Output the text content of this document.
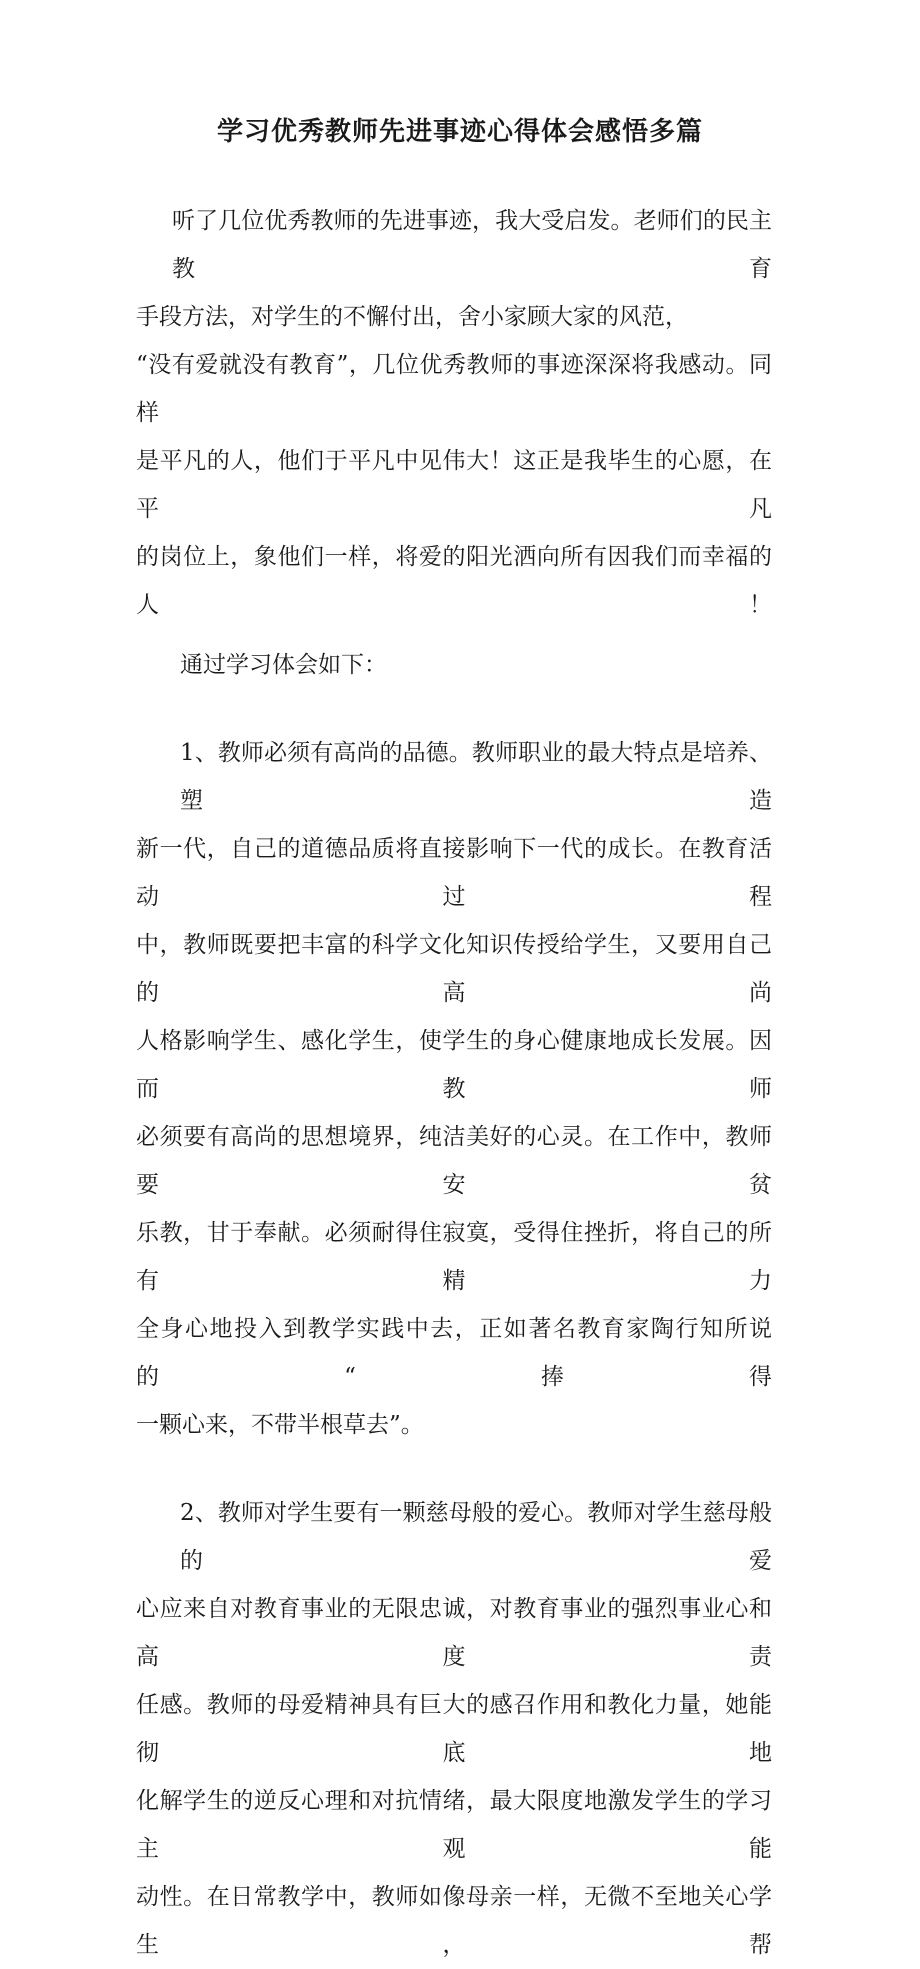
学习优秀教师先进事迹心得体会感悟多篇
听了几位优秀教师的先进事迹，我大受启发。老师们的民主教育
手段方法，对学生的不懈付出，舍小家顾大家的风范，
“没有爱就没有教育”，几位优秀教师的事迹深深将我感动。同样
是平凡的人，他们于平凡中见伟大！这正是我毕生的心愿，在平凡
的岗位上，象他们一样，将爱的阳光洒向所有因我们而幸福的人！
通过学习体会如下：
1、教师必须有高尚的品德。教师职业的最大特点是培养、塑造
新一代，自己的道德品质将直接影响下一代的成长。在教育活动过程
中，教师既要把丰富的科学文化知识传授给学生，又要用自己的高尚
人格影响学生、感化学生，使学生的身心健康地成长发展。因而教师
必须要有高尚的思想境界，纯洁美好的心灵。在工作中，教师要安贫
乐教，甘于奉献。必须耐得住寂寞，受得住挫折，将自己的所有精力
全身心地投入到教学实践中去，正如著名教育家陶行知所说的“捧得
一颗心来，不带半根草去”。
2、教师对学生要有一颗慈母般的爱心。教师对学生慈母般的爱
心应来自对教育事业的无限忠诚，对教育事业的强烈事业心和高度责
任感。教师的母爱精神具有巨大的感召作用和教化力量，她能彻底地
化解学生的逆反心理和对抗情绪，最大限度地激发学生的学习主观能
动性。在日常教学中，教师如像母亲一样，无微不至地关心学生，帮
